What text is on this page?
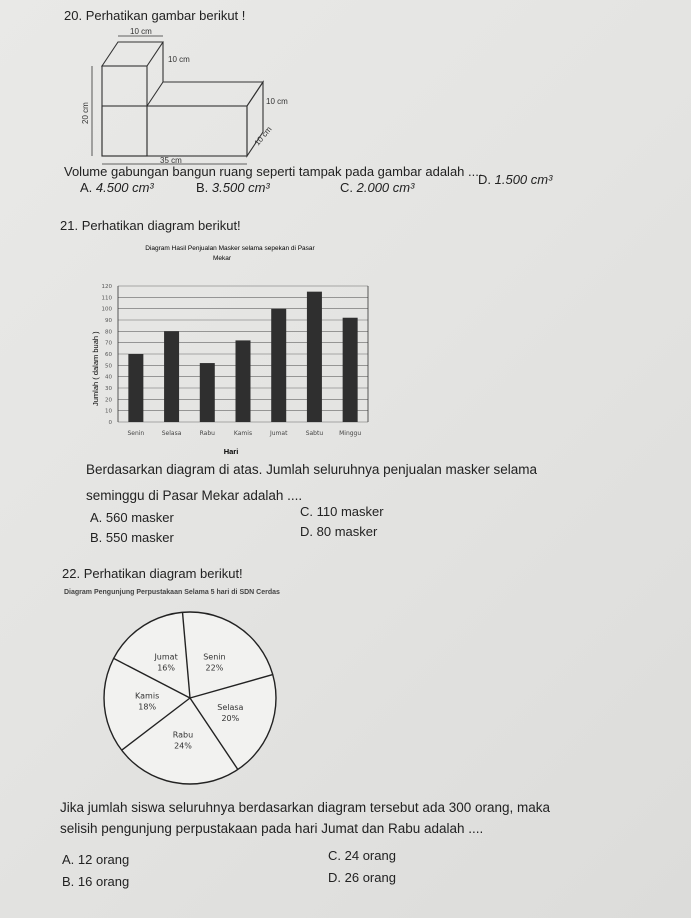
20. Perhatikan gambar berikut !
10 cm
10 cm
20 cm
10 cm
10 cm
35 cm
Volume gabungan bangun ruang seperti tampak pada gambar adalah ....
A. 4.500 cm³	B. 3.500 cm³	C. 2.000 cm³
D. 1.500 cm³
21. Perhatikan diagram berikut!
Diagram Hasil Penjualan Masker selama sepekan di Pasar
Mekar
Jumlah ( dalam buah )
Hari
0
10
20
30
40
50
60
70
80
90
100
110
120
Senin	Selasa	Rabu	Kamis	Jumat	Sabtu	Minggu
Berdasarkan diagram di atas. Jumlah seluruhnya penjualan masker selama
seminggu di Pasar Mekar adalah ....
A. 560 masker
B. 550 masker
C. 110 masker
D. 80 masker
22. Perhatikan diagram berikut!
Diagram Pengunjung Perpustakaan Selama 5 hari di SDN Cerdas
Senin
22%
Selasa
20%
Rabu
24%
Kamis
18%
Jumat
16%
Jika jumlah siswa seluruhnya berdasarkan diagram tersebut ada 300 orang, maka
selisih pengunjung perpustakaan pada hari Jumat dan Rabu adalah ....
A. 12 orang
B. 16 orang
C. 24 orang
D. 26 orang
